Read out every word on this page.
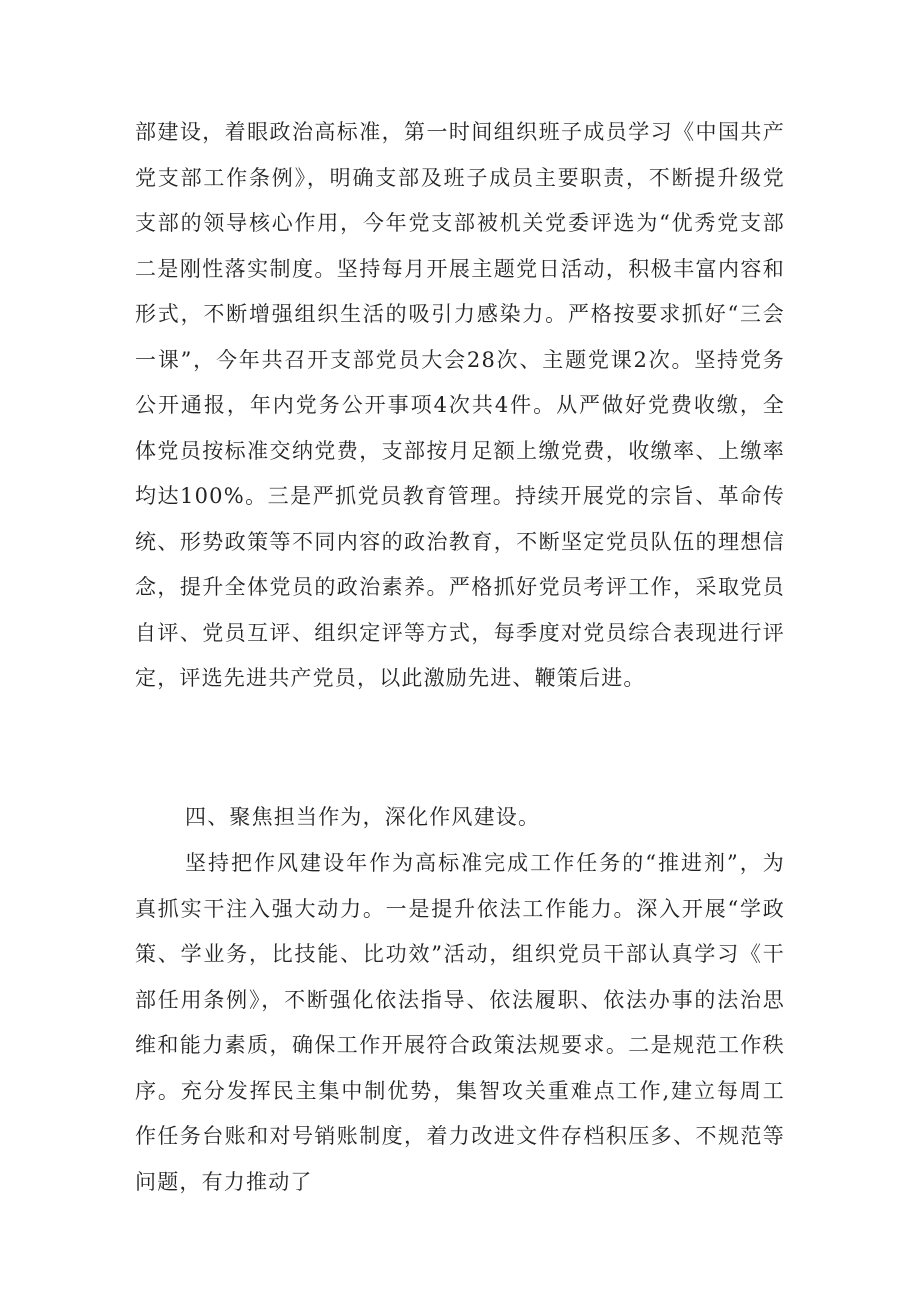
部建设，着眼政治高标准，第一时间组织班子成员学习《中国共产党支部工作条例》，明确支部及班子成员主要职责，不断提升级党支部的领导核心作用，今年党支部被机关党委评选为“优秀党支部二是刚性落实制度。坚持每月开展主题党日活动，积极丰富内容和形式，不断增强组织生活的吸引力感染力。严格按要求抓好“三会一课”，今年共召开支部党员大会28次、主题党课2次。坚持党务公开通报，年内党务公开事项4次共4件。从严做好党费收缴，全体党员按标准交纳党费，支部按月足额上缴党费，收缴率、上缴率均达100%。三是严抓党员教育管理。持续开展党的宗旨、革命传统、形势政策等不同内容的政治教育，不断坚定党员队伍的理想信念，提升全体党员的政治素养。严格抓好党员考评工作，采取党员自评、党员互评、组织定评等方式，每季度对党员综合表现进行评定，评选先进共产党员，以此激励先进、鞭策后进。

四、聚焦担当作为，深化作风建设。

坚持把作风建设年作为高标准完成工作任务的“推进剂”，为真抓实干注入强大动力。一是提升依法工作能力。深入开展“学政策、学业务，比技能、比功效”活动，组织党员干部认真学习《干部任用条例》，不断强化依法指导、依法履职、依法办事的法治思维和能力素质，确保工作开展符合政策法规要求。二是规范工作秩序。充分发挥民主集中制优势，集智攻关重难点工作,建立每周工作任务台账和对号销账制度，着力改进文件存档积压多、不规范等问题，有力推动了
